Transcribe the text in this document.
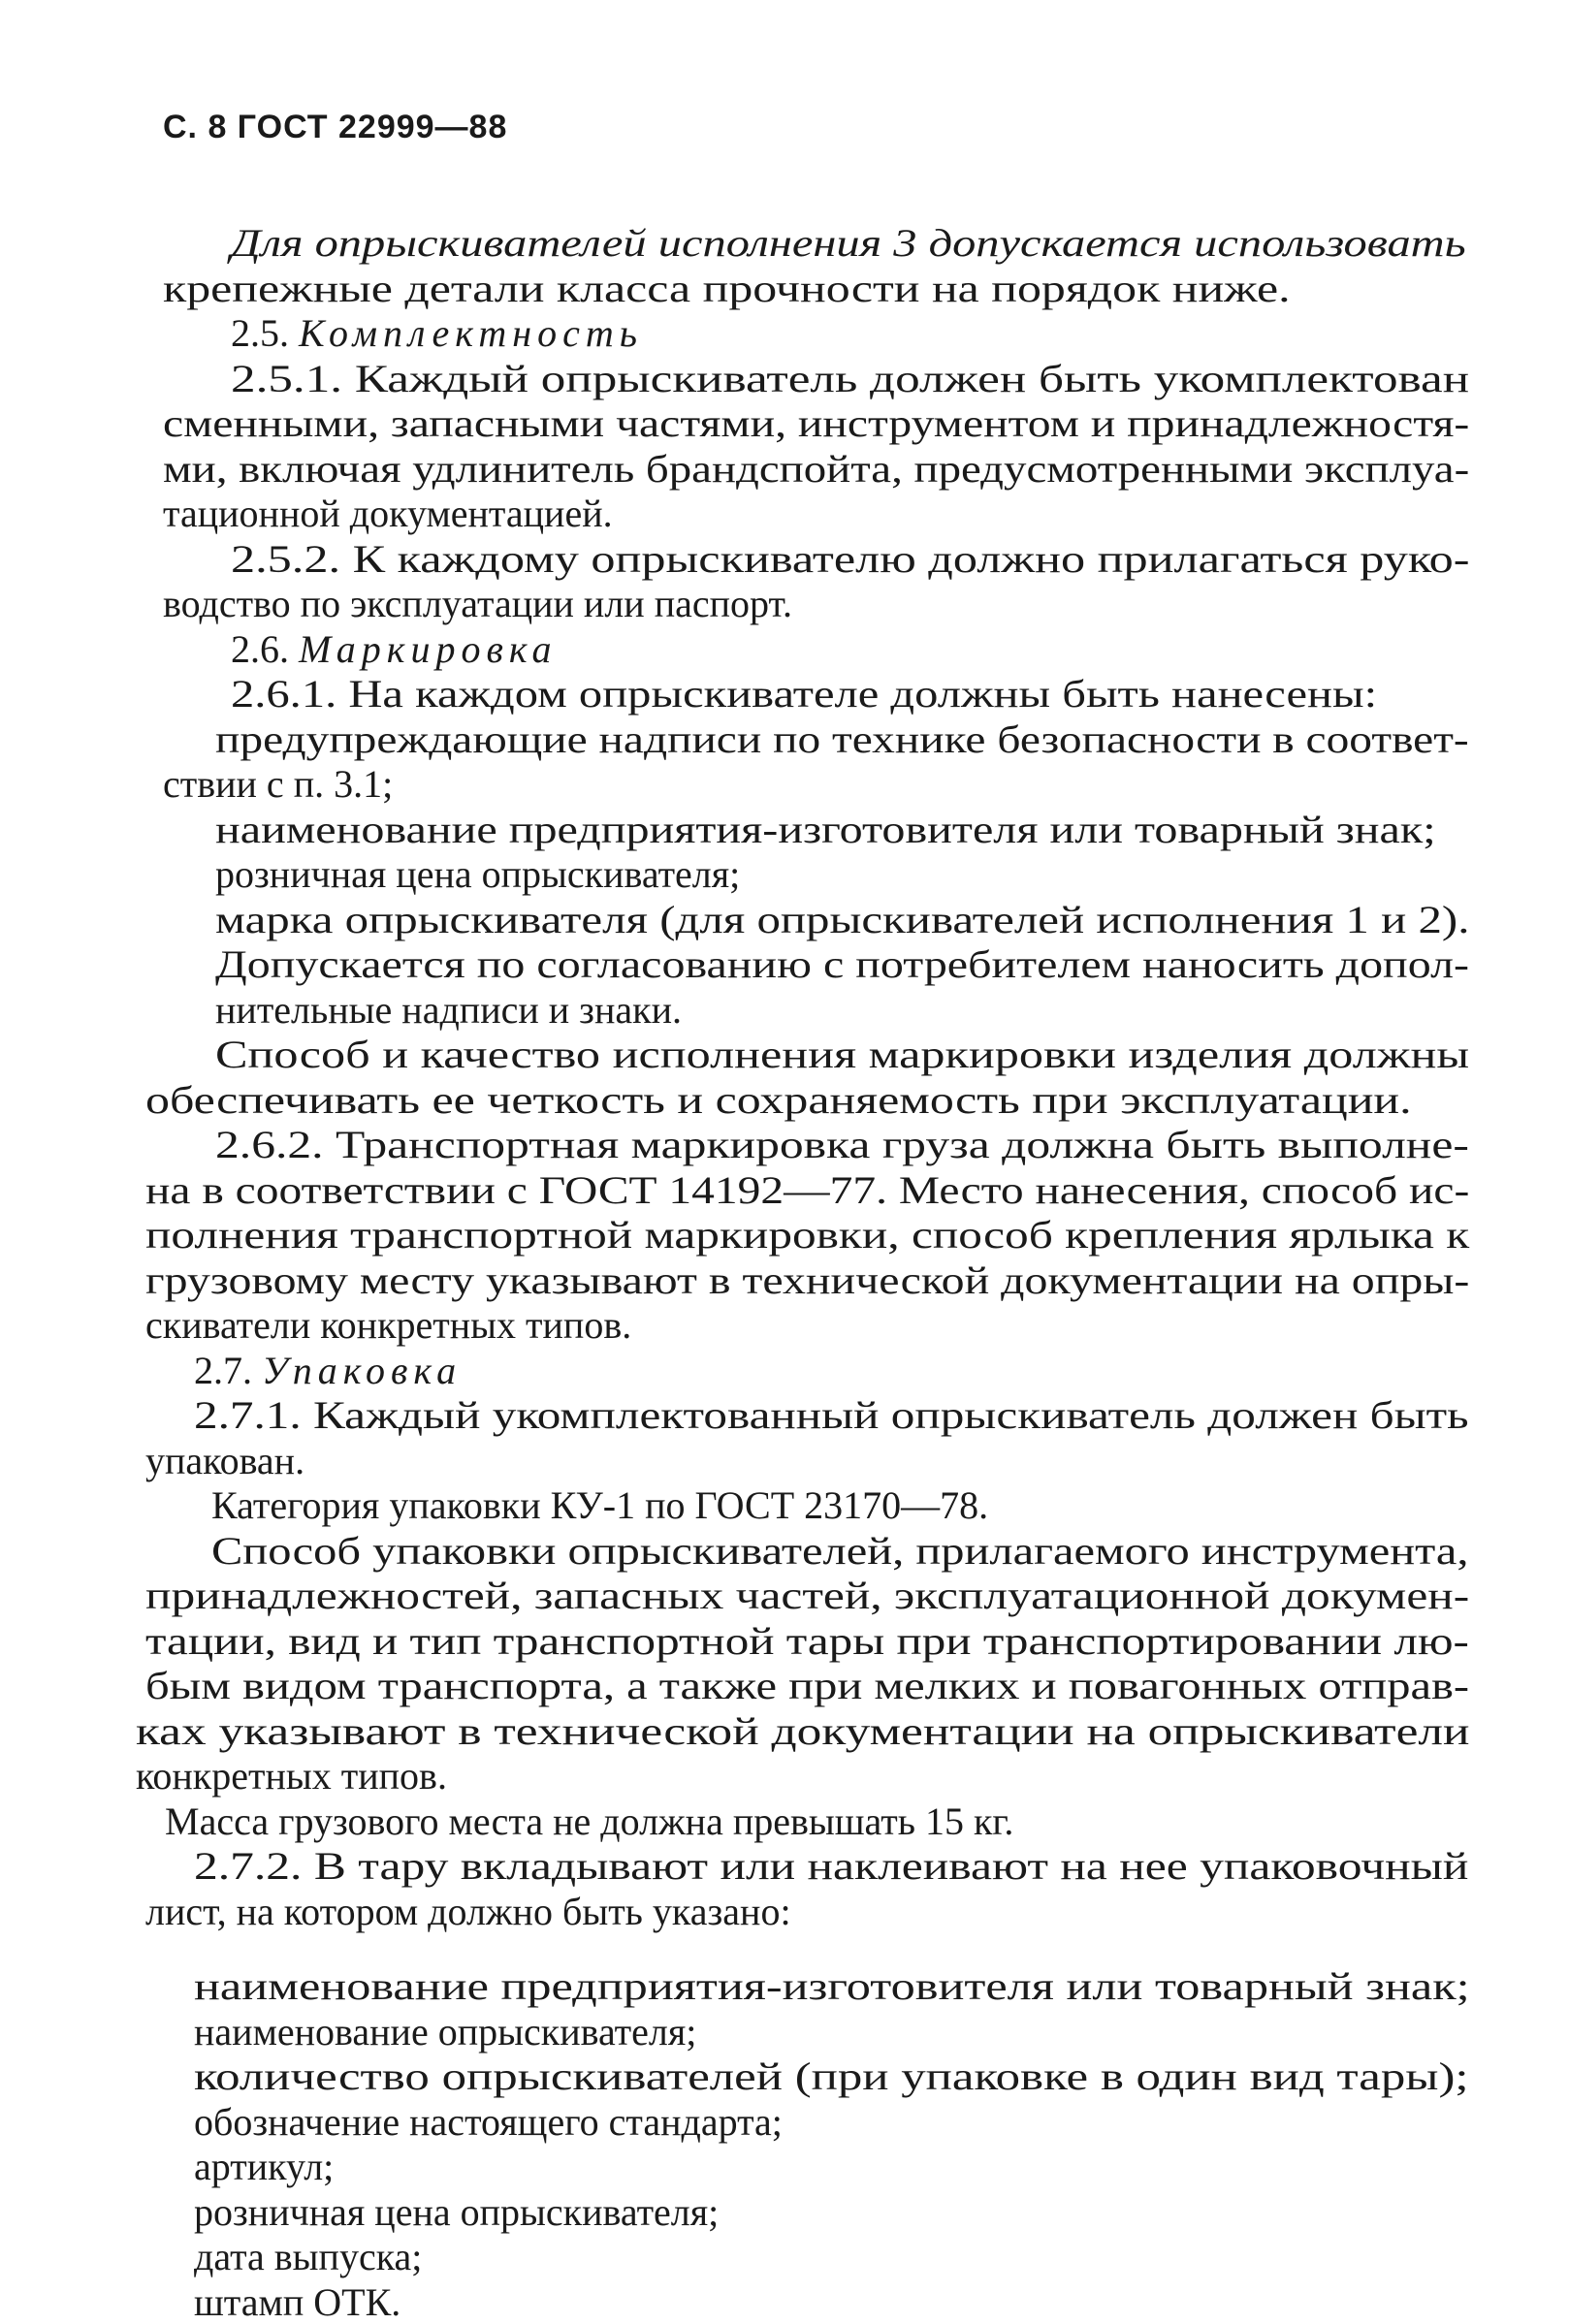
С. 8 ГОСТ 22999—88
Для опрыскивателей исполнения 3 допускается использовать
крепежные детали класса прочности на порядок ниже.
2.5. Комплектность
2.5.1. Каждый опрыскиватель должен быть укомплектован
сменными, запасными частями, инструментом и принадлежностя-
ми, включая удлинитель брандспойта, предусмотренными эксплуа-
тационной документацией.
2.5.2. К каждому опрыскивателю должно прилагаться руко-
водство по эксплуатации или паспорт.
2.6. Маркировка
2.6.1. На каждом опрыскивателе должны быть нанесены:
предупреждающие надписи по технике безопасности в соответ-
ствии с п. 3.1;
наименование предприятия-изготовителя или товарный знак;
розничная цена опрыскивателя;
марка опрыскивателя (для опрыскивателей исполнения 1 и 2).
Допускается по согласованию с потребителем наносить допол-
нительные надписи и знаки.
Способ и качество исполнения маркировки изделия должны
обеспечивать ее четкость и сохраняемость при эксплуатации.
2.6.2. Транспортная маркировка груза должна быть выполне-
на в соответствии с ГОСТ 14192—77. Место нанесения, способ ис-
полнения транспортной маркировки, способ крепления ярлыка к
грузовому месту указывают в технической документации на опры-
скиватели конкретных типов.
2.7. Упаковка
2.7.1. Каждый укомплектованный опрыскиватель должен быть
упакован.
Категория упаковки КУ-1 по ГОСТ 23170—78.
Способ упаковки опрыскивателей, прилагаемого инструмента,
принадлежностей, запасных частей, эксплуатационной докумен-
тации, вид и тип транспортной тары при транспортировании лю-
бым видом транспорта, а также при мелких и повагонных отправ-
ках указывают в технической документации на опрыскиватели
конкретных типов.
Масса грузового места не должна превышать 15 кг.
2.7.2. В тару вкладывают или наклеивают на нее упаковочный
лист, на котором должно быть указано:
наименование предприятия-изготовителя или товарный знак;
наименование опрыскивателя;
количество опрыскивателей (при упаковке в один вид тары);
обозначение настоящего стандарта;
артикул;
розничная цена опрыскивателя;
дата выпуска;
штамп ОТК.
